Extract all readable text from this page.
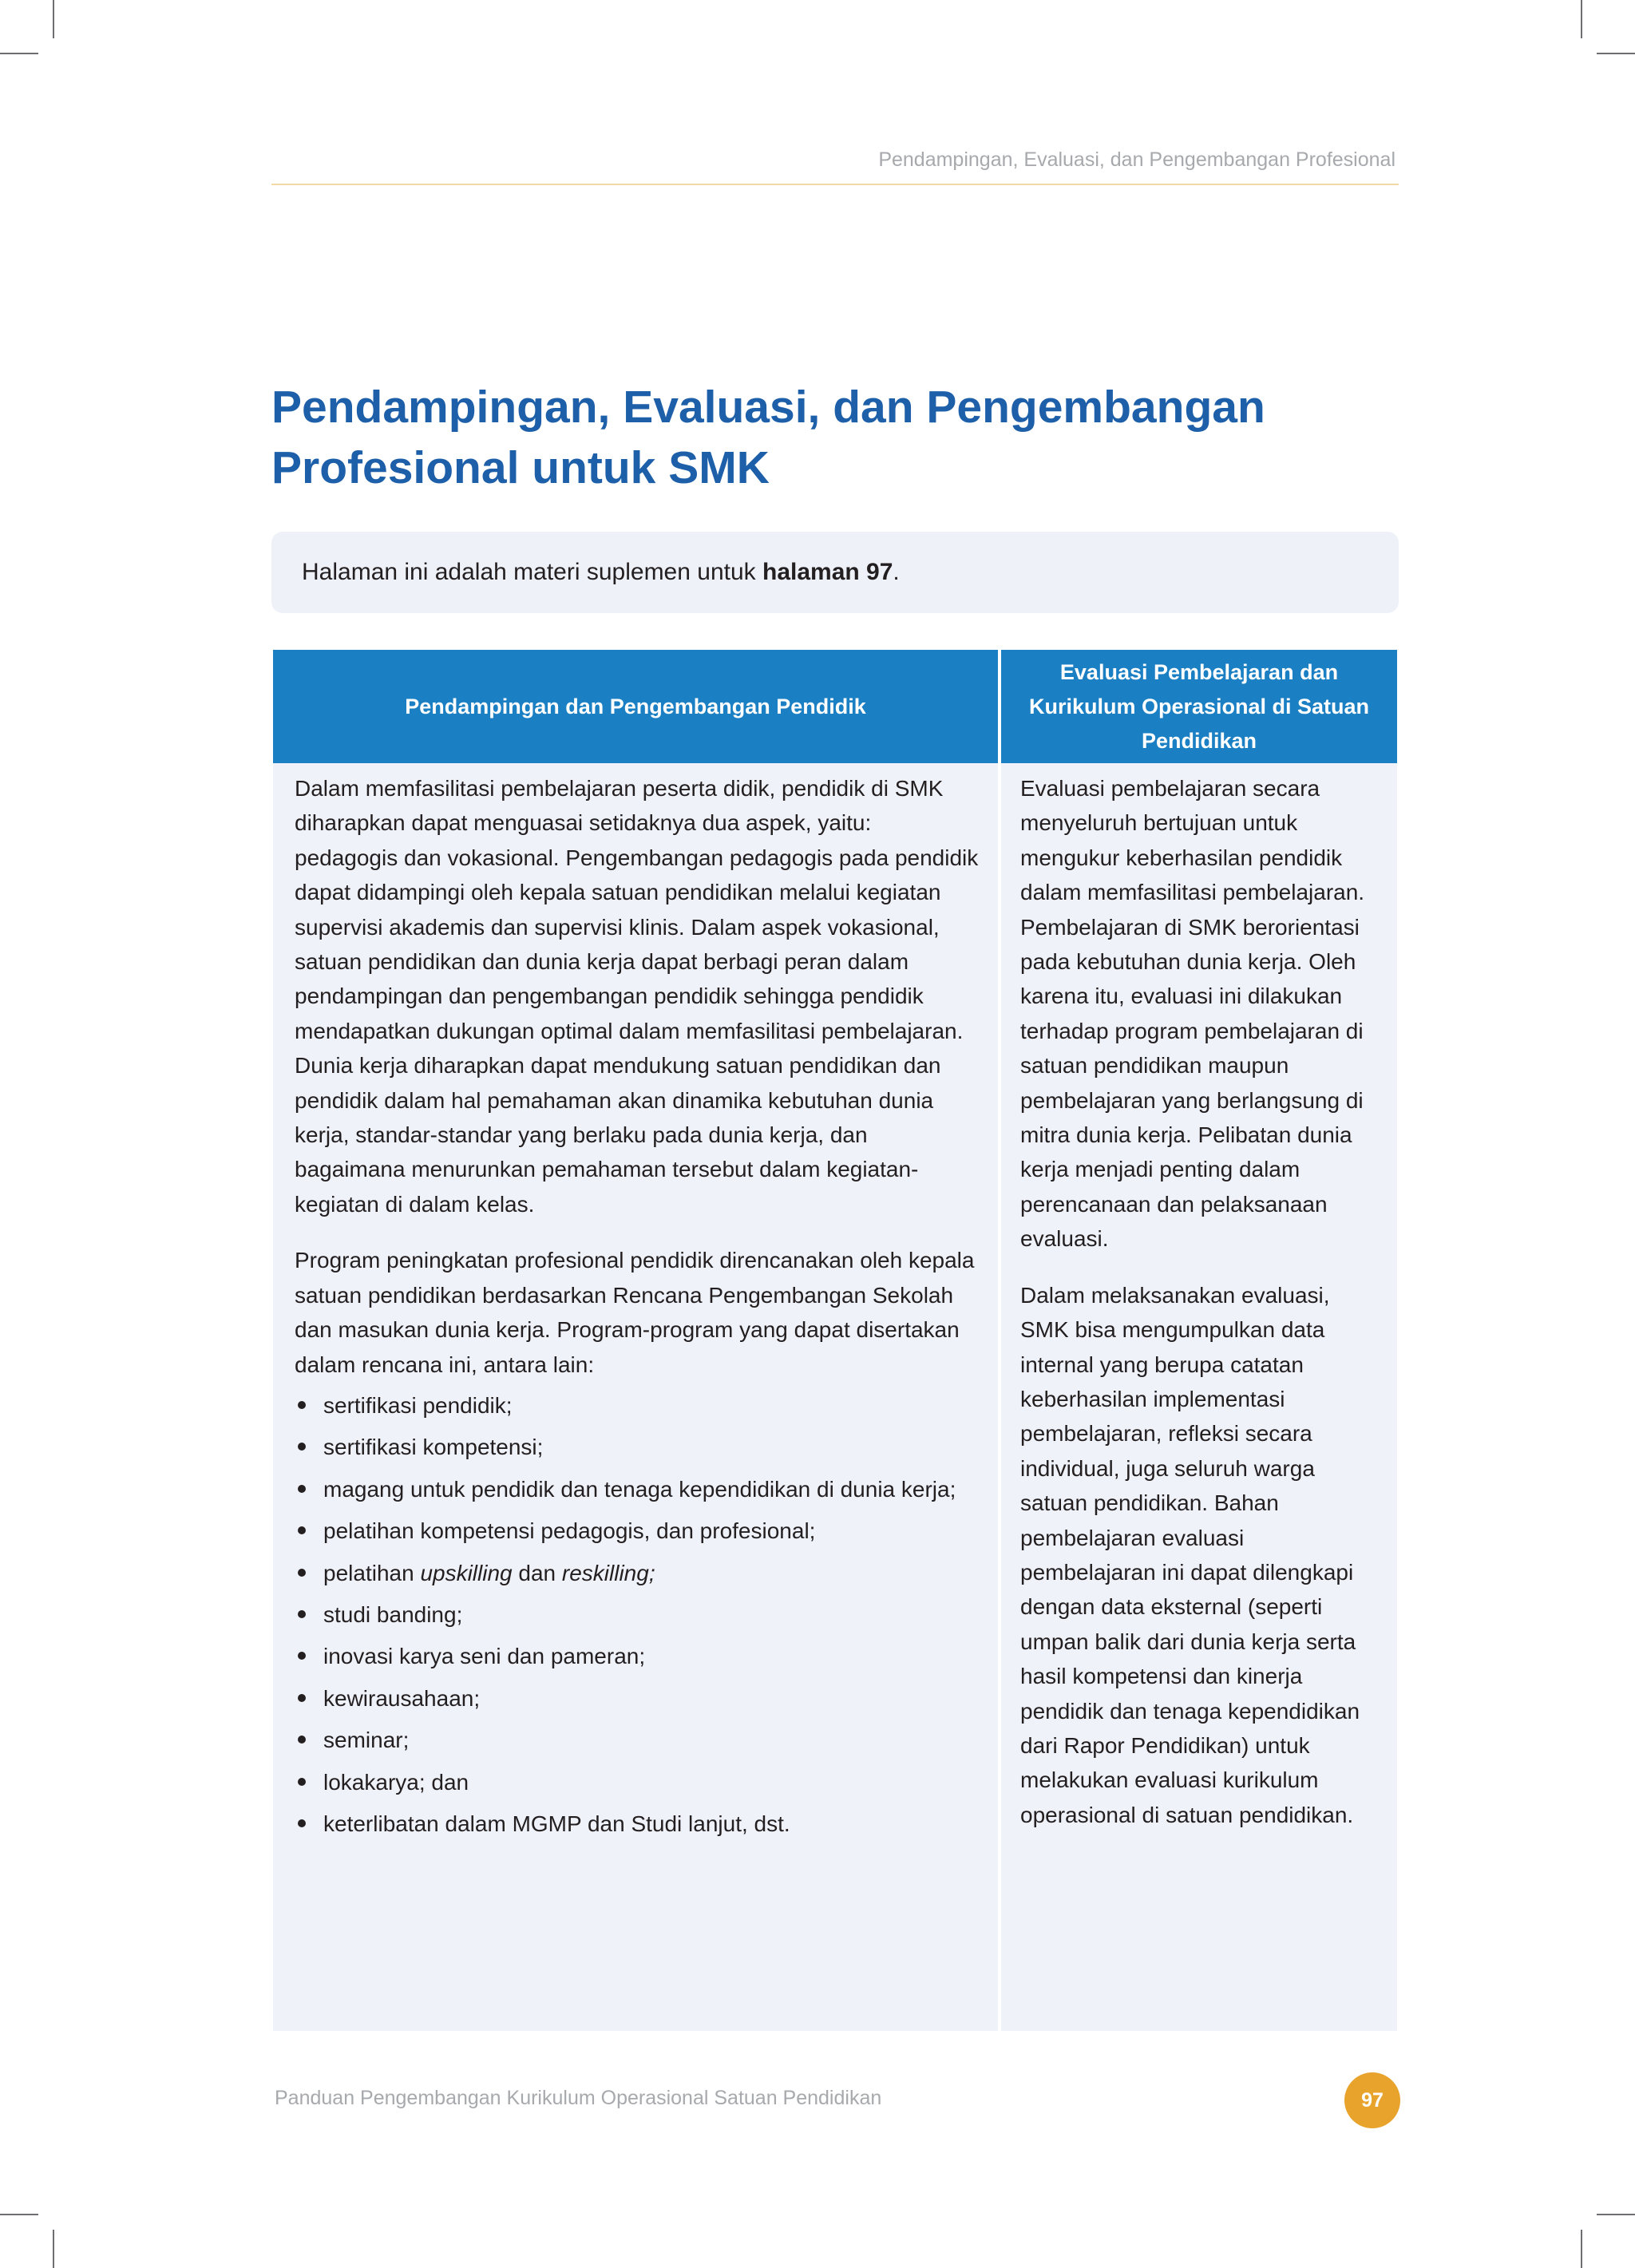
Pendampingan, Evaluasi, dan Pengembangan Profesional
Pendampingan, Evaluasi, dan Pengembangan Profesional untuk SMK
Halaman ini adalah materi suplemen untuk halaman 97.
Pendampingan dan Pengembangan Pendidik
Evaluasi Pembelajaran dan Kurikulum Operasional di Satuan Pendidikan

Dalam memfasilitasi pembelajaran peserta didik, pendidik di SMK diharapkan dapat menguasai setidaknya dua aspek, yaitu: pedagogis dan vokasional. Pengembangan pedagogis pada pendidik dapat didampingi oleh kepala satuan pendidikan melalui kegiatan supervisi akademis dan supervisi klinis. Dalam aspek vokasional, satuan pendidikan dan dunia kerja dapat berbagi peran dalam pendampingan dan pengembangan pendidik sehingga pendidik mendapatkan dukungan optimal dalam memfasilitasi pembelajaran. Dunia kerja diharapkan dapat mendukung satuan pendidikan dan pendidik dalam hal pemahaman akan dinamika kebutuhan dunia kerja, standar-standar yang berlaku pada dunia kerja, dan bagaimana menurunkan pemahaman tersebut dalam kegiatan-kegiatan di dalam kelas.

Program peningkatan profesional pendidik direncanakan oleh kepala satuan pendidikan berdasarkan Rencana Pengembangan Sekolah dan masukan dunia kerja. Program-program yang dapat disertakan dalam rencana ini, antara lain:

sertifikasi pendidik;
sertifikasi kompetensi;
magang untuk pendidik dan tenaga kependidikan di dunia kerja;
pelatihan kompetensi pedagogis, dan profesional;
pelatihan upskilling dan reskilling;
studi banding;
inovasi karya seni dan pameran;
kewirausahaan;
seminar;
lokakarya; dan
keterlibatan dalam MGMP dan Studi lanjut, dst.

Evaluasi pembelajaran secara menyeluruh bertujuan untuk mengukur keberhasilan pendidik dalam memfasilitasi pembelajaran. Pembelajaran di SMK berorientasi pada kebutuhan dunia kerja. Oleh karena itu, evaluasi ini dilakukan terhadap program pembelajaran di satuan pendidikan maupun pembelajaran yang berlangsung di mitra dunia kerja. Pelibatan dunia kerja menjadi penting dalam perencanaan dan pelaksanaan evaluasi.

Dalam melaksanakan evaluasi, SMK bisa mengumpulkan data internal yang berupa catatan keberhasilan implementasi pembelajaran, refleksi secara individual, juga seluruh warga satuan pendidikan. Bahan pembelajaran evaluasi pembelajaran ini dapat dilengkapi dengan data eksternal (seperti umpan balik dari dunia kerja serta hasil kompetensi dan kinerja pendidik dan tenaga kependidikan dari Rapor Pendidikan) untuk melakukan evaluasi kurikulum operasional di satuan pendidikan.

Panduan Pengembangan Kurikulum Operasional Satuan Pendidikan	97
